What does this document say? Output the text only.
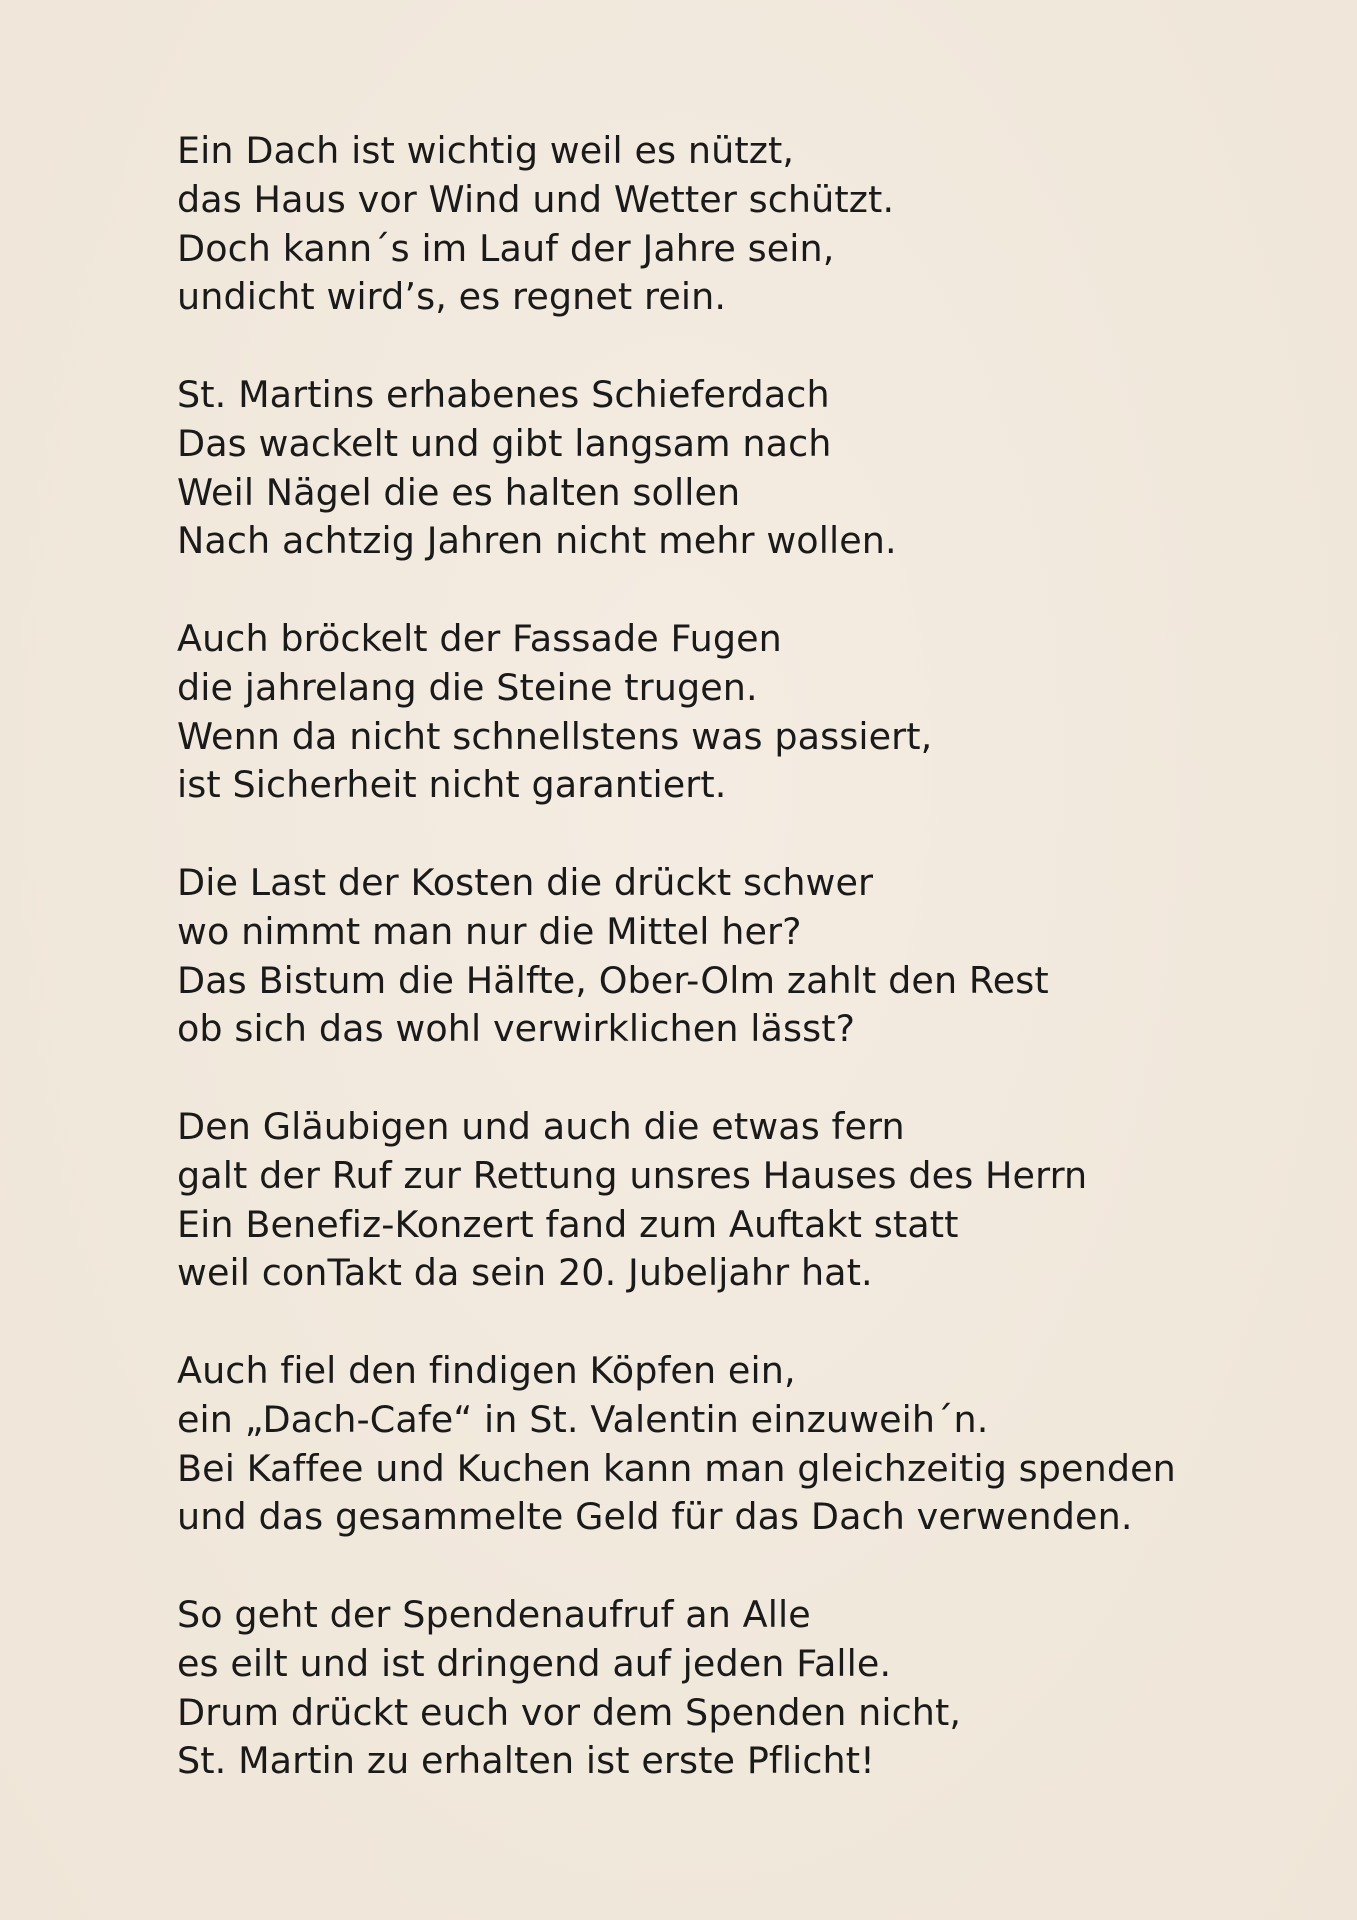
Ein Dach ist wichtig weil es nützt,
das Haus vor Wind und Wetter schützt.
Doch kann´s im Lauf der Jahre sein,
undicht wird’s, es regnet rein.
St. Martins erhabenes Schieferdach
Das wackelt und gibt langsam nach
Weil Nägel die es halten sollen
Nach achtzig Jahren nicht mehr wollen.
Auch bröckelt der Fassade Fugen
die jahrelang die Steine trugen.
Wenn da nicht schnellstens was passiert,
ist Sicherheit nicht garantiert.
Die Last der Kosten die drückt schwer
wo nimmt man nur die Mittel her?
Das Bistum die Hälfte, Ober-Olm zahlt den Rest
ob sich das wohl verwirklichen lässt?
Den Gläubigen und auch die etwas fern
galt der Ruf zur Rettung unsres Hauses des Herrn
Ein Benefiz-Konzert fand zum Auftakt statt
weil conTakt da sein 20. Jubeljahr hat.
Auch fiel den findigen Köpfen ein,
ein „Dach-Cafe“ in St. Valentin einzuweih´n.
Bei Kaffee und Kuchen kann man gleichzeitig spenden
und das gesammelte Geld für das Dach verwenden.
So geht der Spendenaufruf an Alle
es eilt und ist dringend auf jeden Falle.
Drum drückt euch vor dem Spenden nicht,
St. Martin zu erhalten ist erste Pflicht!
